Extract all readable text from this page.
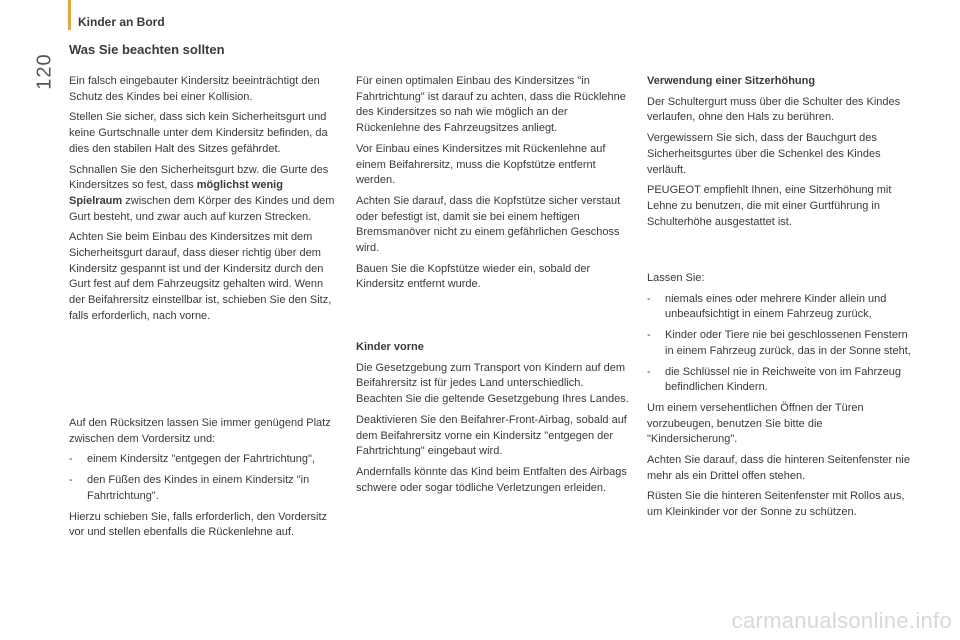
Kinder an Bord
120
Was Sie beachten sollten

Ein falsch eingebauter Kindersitz beeinträchtigt den Schutz des Kindes bei einer Kollision.

Stellen Sie sicher, dass sich kein Sicherheitsgurt und keine Gurtschnalle unter dem Kindersitz befinden, da dies den stabilen Halt des Sitzes gefährdet.

Schnallen Sie den Sicherheitsgurt bzw. die Gurte des Kindersitzes so fest, dass möglichst wenig Spielraum zwischen dem Körper des Kindes und dem Gurt besteht, und zwar auch auf kurzen Strecken.

Achten Sie beim Einbau des Kindersitzes mit dem Sicherheitsgurt darauf, dass dieser richtig über dem Kindersitz gespannt ist und der Kindersitz durch den Gurt fest auf dem Fahrzeugsitz gehalten wird. Wenn der Beifahrersitz einstellbar ist, schieben Sie den Sitz, falls erforderlich, nach vorne.

Auf den Rücksitzen lassen Sie immer genügend Platz zwischen dem Vordersitz und:

- einem Kindersitz "entgegen der Fahrtrichtung",

- den Füßen des Kindes in einem Kindersitz "in Fahrtrichtung".

Hierzu schieben Sie, falls erforderlich, den Vordersitz vor und stellen ebenfalls die Rückenlehne auf.

Für einen optimalen Einbau des Kindersitzes "in Fahrtrichtung" ist darauf zu achten, dass die Rücklehne des Kindersitzes so nah wie möglich an der Rückenlehne des Fahrzeugsitzes anliegt.

Vor Einbau eines Kindersitzes mit Rückenlehne auf einem Beifahrersitz, muss die Kopfstütze entfernt werden.

Achten Sie darauf, dass die Kopfstütze sicher verstaut oder befestigt ist, damit sie bei einem heftigen Bremsmanöver nicht zu einem gefährlichen Geschoss wird.

Bauen Sie die Kopfstütze wieder ein, sobald der Kindersitz entfernt wurde.

Kinder vorne

Die Gesetzgebung zum Transport von Kindern auf dem Beifahrersitz ist für jedes Land unterschiedlich. Beachten Sie die geltende Gesetzgebung Ihres Landes.

Deaktivieren Sie den Beifahrer-Front-Airbag, sobald auf dem Beifahrersitz vorne ein Kindersitz "entgegen der Fahrtrichtung" eingebaut wird.

Andernfalls könnte das Kind beim Entfalten des Airbags schwere oder sogar tödliche Verletzungen erleiden.

Verwendung einer Sitzerhöhung

Der Schultergurt muss über die Schulter des Kindes verlaufen, ohne den Hals zu berühren.

Vergewissern Sie sich, dass der Bauchgurt des Sicherheitsgurtes über die Schenkel des Kindes verläuft.

PEUGEOT empfiehlt Ihnen, eine Sitzerhöhung mit Lehne zu benutzen, die mit einer Gurtführung in Schulterhöhe ausgestattet ist.

Lassen Sie:

- niemals eines oder mehrere Kinder allein und unbeaufsichtigt in einem Fahrzeug zurück,

- Kinder oder Tiere nie bei geschlossenen Fenstern in einem Fahrzeug zurück, das in der Sonne steht,

- die Schlüssel nie in Reichweite von im Fahrzeug befindlichen Kindern.

Um einem versehentlichen Öffnen der Türen vorzubeugen, benutzen Sie bitte die "Kindersicherung".

Achten Sie darauf, dass die hinteren Seitenfenster nie mehr als ein Drittel offen stehen.

Rüsten Sie die hinteren Seitenfenster mit Rollos aus, um Kleinkinder vor der Sonne zu schützen.

carmanualsonline.info
